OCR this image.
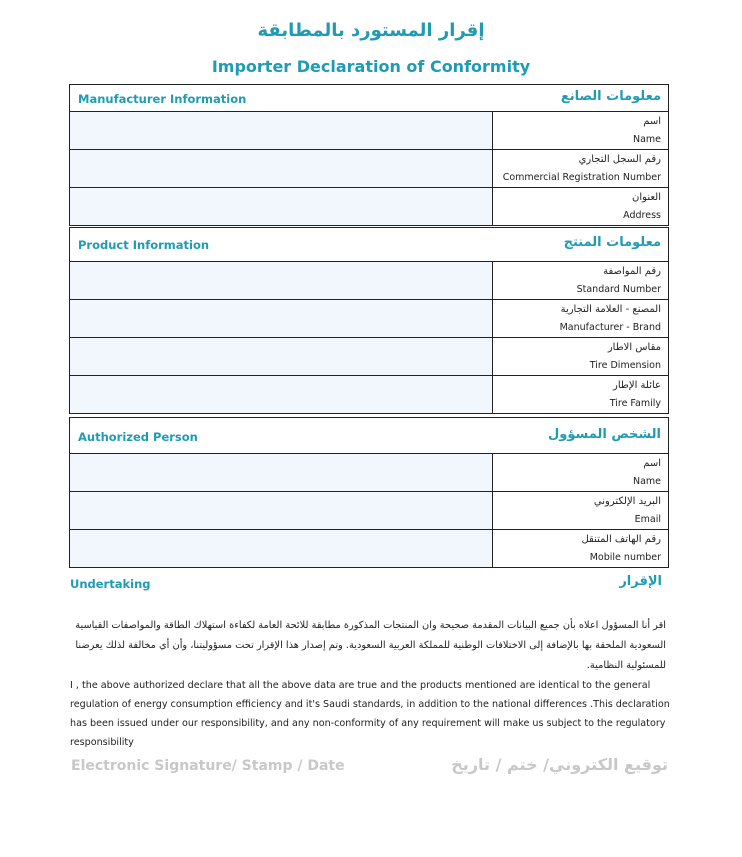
إقرار المستورد بالمطابقة
Importer Declaration of Conformity
Manufacturer Information	معلومات الصانع

	اسم
Name

	رقم السجل التجاري
Commercial Registration Number

	العنوان
Address
Product Information	معلومات المنتج

	رقم المواصفة
Standard Number

	المصنع - العلامة التجارية
Manufacturer - Brand

	مقاس الاطار
Tire Dimension

	عائلة الإطار
Tire Family
Authorized Person	الشخص المسؤول

	اسم
Name

	البريد الإلكتروني
Email

	رقم الهاتف المتنقل
Mobile number
Undertaking	الإقرار
اقر أنا المسؤول اعلاه بأن جميع البيانات المقدمة صحيحة وان المنتجات المذكورة مطابقة للائحة العامة لكفاءة استهلاك الطاقة والمواصفات القياسية السعودية الملحقة بها بالإضافة إلى الاختلافات الوطنية للمملكة العربية السعودية. وتم إصدار هذا الإقرار تحت مسؤوليتنا، وأن أي مخالفة لذلك يعرضنا للمسئولية النظامية.
I , the above authorized declare that all the above data are true and the products mentioned are identical to the general regulation of energy consumption efficiency and it's Saudi standards, in addition to the national differences .This declaration has been issued under our responsibility, and any non-conformity of any requirement will make us subject to the regulatory responsibility
Electronic Signature/ Stamp / Date	توقيع الكتروني/ ختم / تاريخ
